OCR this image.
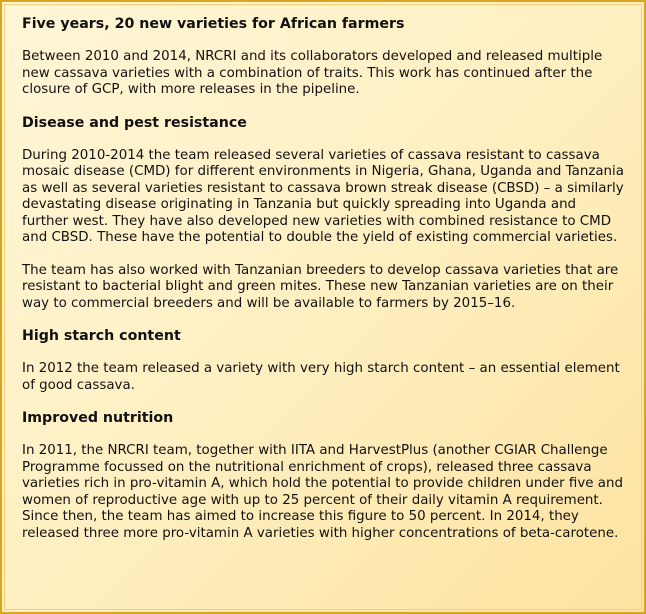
Five years, 20 new varieties for African farmers

Between 2010 and 2014, NRCRI and its collaborators developed and released multiple new cassava varieties with a combination of traits. This work has continued after the closure of GCP, with more releases in the pipeline.

Disease and pest resistance

During 2010-2014 the team released several varieties of cassava resistant to cassava mosaic disease (CMD) for different environments in Nigeria, Ghana, Uganda and Tanzania as well as several varieties resistant to cassava brown streak disease (CBSD) – a similarly devastating disease originating in Tanzania but quickly spreading into Uganda and further west. They have also developed new varieties with combined resistance to CMD and CBSD. These have the potential to double the yield of existing commercial varieties.

The team has also worked with Tanzanian breeders to develop cassava varieties that are resistant to bacterial blight and green mites. These new Tanzanian varieties are on their way to commercial breeders and will be available to farmers by 2015–16.

High starch content

In 2012 the team released a variety with very high starch content – an essential element of good cassava.

Improved nutrition

In 2011, the NRCRI team, together with IITA and HarvestPlus (another CGIAR Challenge Programme focussed on the nutritional enrichment of crops), released three cassava varieties rich in pro-vitamin A, which hold the potential to provide children under five and women of reproductive age with up to 25 percent of their daily vitamin A requirement. Since then, the team has aimed to increase this figure to 50 percent. In 2014, they released three more pro-vitamin A varieties with higher concentrations of beta-carotene.
